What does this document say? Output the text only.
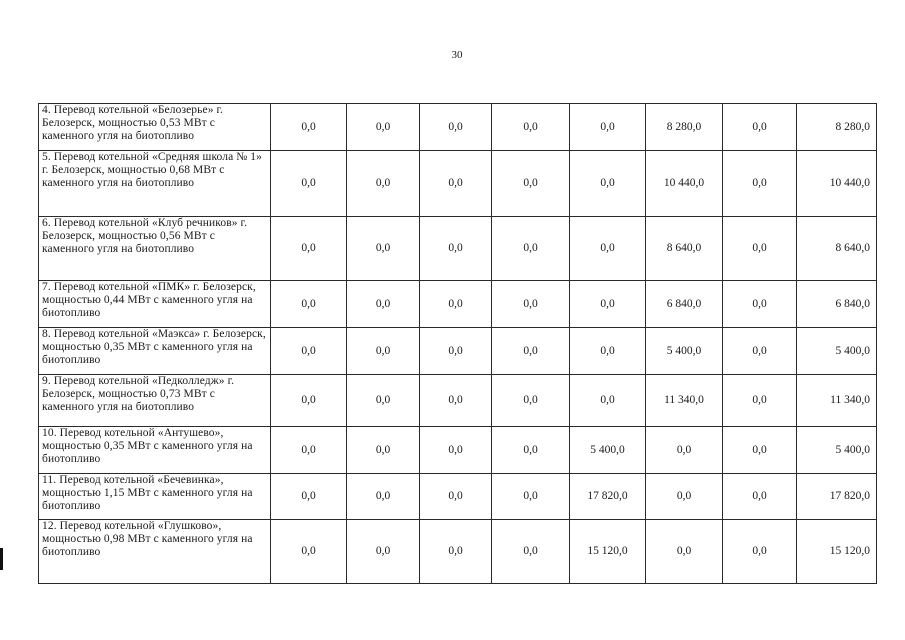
30
4. Перевод котельной «Белозерье» г. Белозерск, мощностью 0,53 МВт с каменного угля на биотопливо	0,0	0,0	0,0	0,0	0,0	8 280,0	0,0	8 280,0
5. Перевод котельной «Средняя школа № 1» г. Белозерск, мощностью 0,68 МВт с каменного угля на биотопливо	0,0	0,0	0,0	0,0	0,0	10 440,0	0,0	10 440,0
6. Перевод котельной «Клуб речников» г. Белозерск, мощностью 0,56 МВт с каменного угля на биотопливо	0,0	0,0	0,0	0,0	0,0	8 640,0	0,0	8 640,0
7. Перевод котельной «ПМК» г. Белозерск, мощностью 0,44 МВт с каменного угля на биотопливо	0,0	0,0	0,0	0,0	0,0	6 840,0	0,0	6 840,0
8. Перевод котельной «Маэкса» г. Белозерск, мощностью 0,35 МВт с каменного угля на биотопливо	0,0	0,0	0,0	0,0	0,0	5 400,0	0,0	5 400,0
9. Перевод котельной «Педколледж» г. Белозерск, мощностью 0,73 МВт с каменного угля на биотопливо	0,0	0,0	0,0	0,0	0,0	11 340,0	0,0	11 340,0
10. Перевод котельной «Антушево», мощностью 0,35 МВт с каменного угля на биотопливо	0,0	0,0	0,0	0,0	5 400,0	0,0	0,0	5 400,0
11. Перевод котельной «Бечевинка», мощностью 1,15 МВт с каменного угля на биотопливо	0,0	0,0	0,0	0,0	17 820,0	0,0	0,0	17 820,0
12. Перевод котельной «Глушково», мощностью 0,98 МВт с каменного угля на биотопливо	0,0	0,0	0,0	0,0	15 120,0	0,0	0,0	15 120,0
